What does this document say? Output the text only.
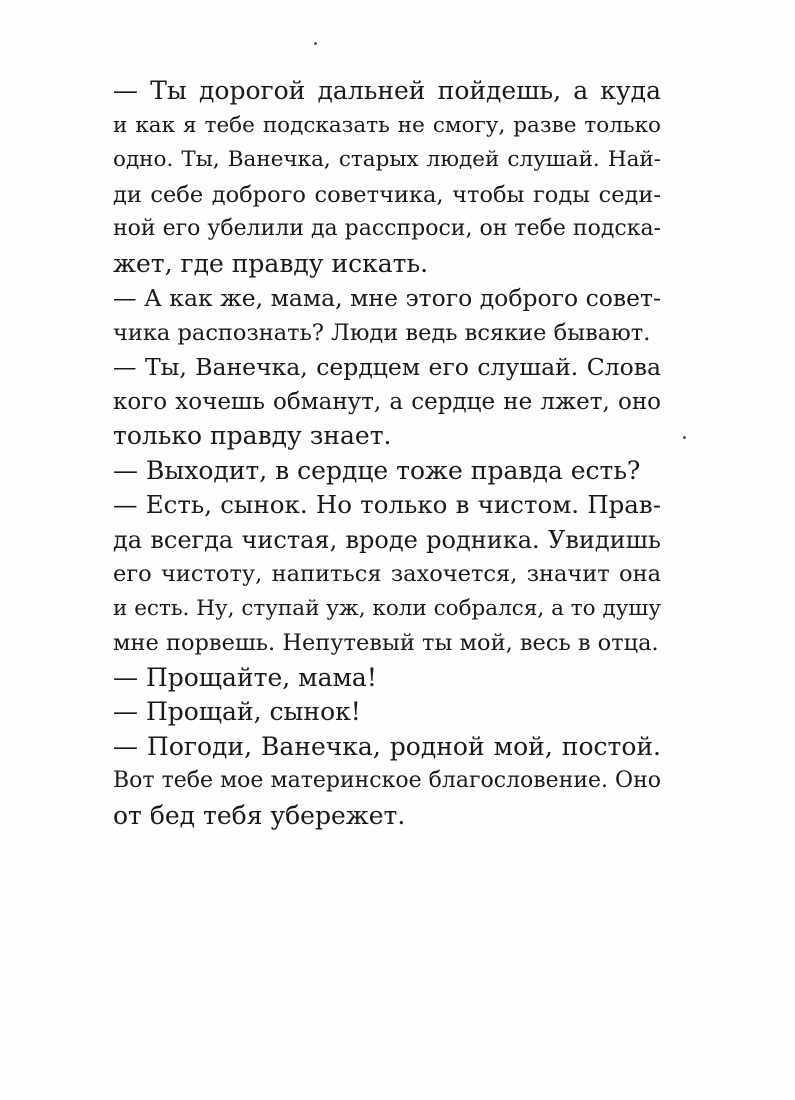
— Ты дорогой дальней пойдешь, а куда
и как я тебе подсказать не смогу, разве только
одно. Ты, Ванечка, старых людей слушай. Най-
ди себе доброго советчика, чтобы годы седи-
ной его убелили да расспроси, он тебе подска-
жет, где правду искать.
— А как же, мама, мне этого доброго совет-
чика распознать? Люди ведь всякие бывают.
— Ты, Ванечка, сердцем его слушай. Слова
кого хочешь обманут, а сердце не лжет, оно
только правду знает.
— Выходит, в сердце тоже правда есть?
— Есть, сынок. Но только в чистом. Прав-
да всегда чистая, вроде родника. Увидишь
его чистоту, напиться захочется, значит она
и есть. Ну, ступай уж, коли собрался, а то душу
мне порвешь. Непутевый ты мой, весь в отца.
— Прощайте, мама!
— Прощай, сынок!
— Погоди, Ванечка, родной мой, постой.
Вот тебе мое материнское благословение. Оно
от бед тебя убережет.
